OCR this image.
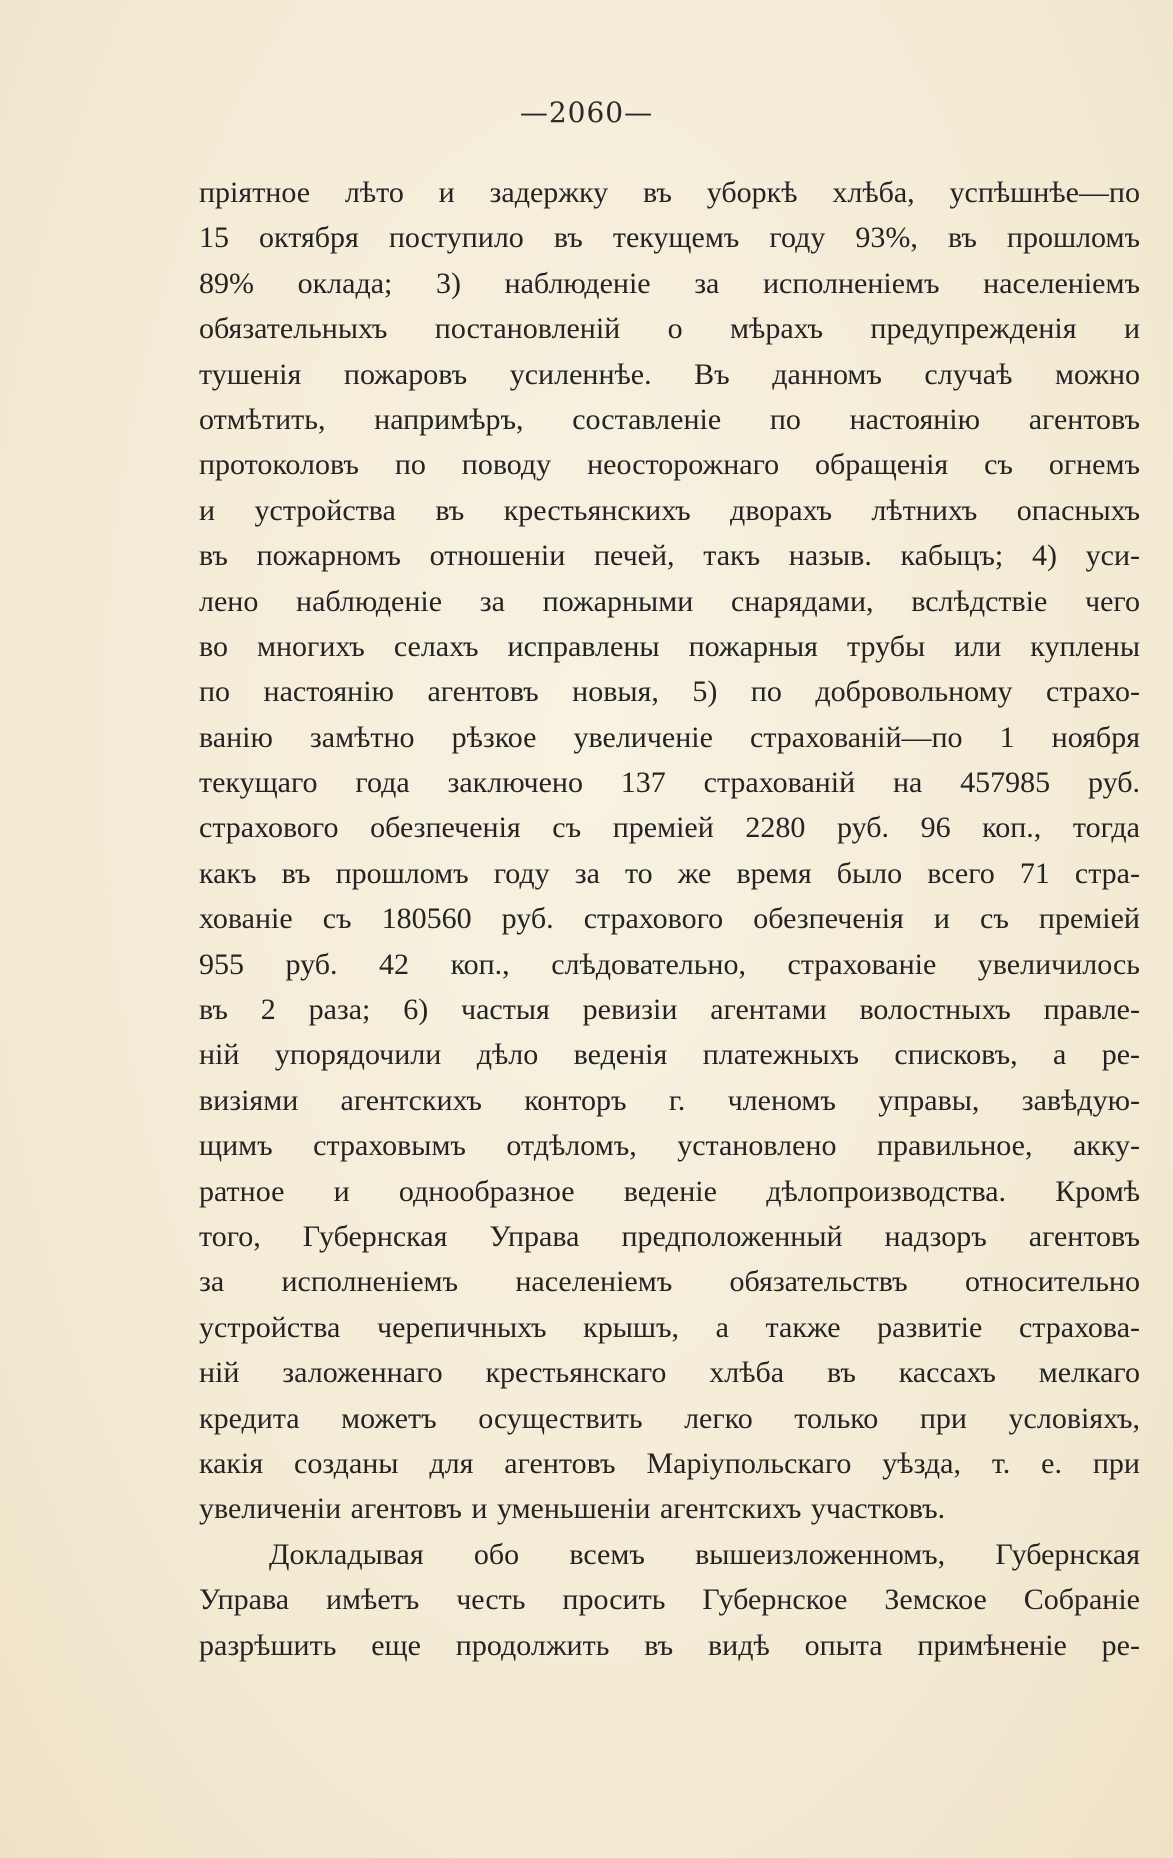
—2060—
пріятное лѣто и задержку въ уборкѣ хлѣба, успѣшнѣе—по
15 октября поступило въ текущемъ году 93%, въ прошломъ
89% оклада; 3) наблюденіе за исполненіемъ населеніемъ
обязательныхъ постановленій о мѣрахъ предупрежденія и
тушенія пожаровъ усиленнѣе. Въ данномъ случаѣ можно
отмѣтить, напримѣръ, составленіе по настоянію агентовъ
протоколовъ по поводу неосторожнаго обращенія съ огнемъ
и устройства въ крестьянскихъ дворахъ лѣтнихъ опасныхъ
въ пожарномъ отношеніи печей, такъ назыв. кабыцъ; 4) уси-
лено наблюденіе за пожарными снарядами, вслѣдствіе чего
во многихъ селахъ исправлены пожарныя трубы или куплены
по настоянію агентовъ новыя, 5) по добровольному страхо-
ванію замѣтно рѣзкое увеличеніе страхованій—по 1 ноября
текущаго года заключено 137 страхованій на 457985 руб.
страхового обезпеченія съ преміей 2280 руб. 96 коп., тогда
какъ въ прошломъ году за то же время было всего 71 стра-
хованіе съ 180560 руб. страхового обезпеченія и съ преміей
955 руб. 42 коп., слѣдовательно, страхованіе увеличилось
въ 2 раза; 6) частыя ревизіи агентами волостныхъ правле-
ній упорядочили дѣло веденія платежныхъ списковъ, а ре-
визіями агентскихъ конторъ г. членомъ управы, завѣдую-
щимъ страховымъ отдѣломъ, установлено правильное, акку-
ратное и однообразное веденіе дѣлопроизводства. Кромѣ
того, Губернская Управа предположенный надзоръ агентовъ
за исполненіемъ населеніемъ обязательствъ относительно
устройства черепичныхъ крышъ, а также развитіе страхова-
ній заложеннаго крестьянскаго хлѣба въ кассахъ мелкаго
кредита можетъ осуществить легко только при условіяхъ,
какія созданы для агентовъ Маріупольскаго уѣзда, т. е. при
увеличеніи агентовъ и уменьшеніи агентскихъ участковъ.
Докладывая обо всемъ вышеизложенномъ, Губернская
Управа имѣетъ честь просить Губернское Земское Собраніе
разрѣшить еще продолжить въ видѣ опыта примѣненіе ре-
